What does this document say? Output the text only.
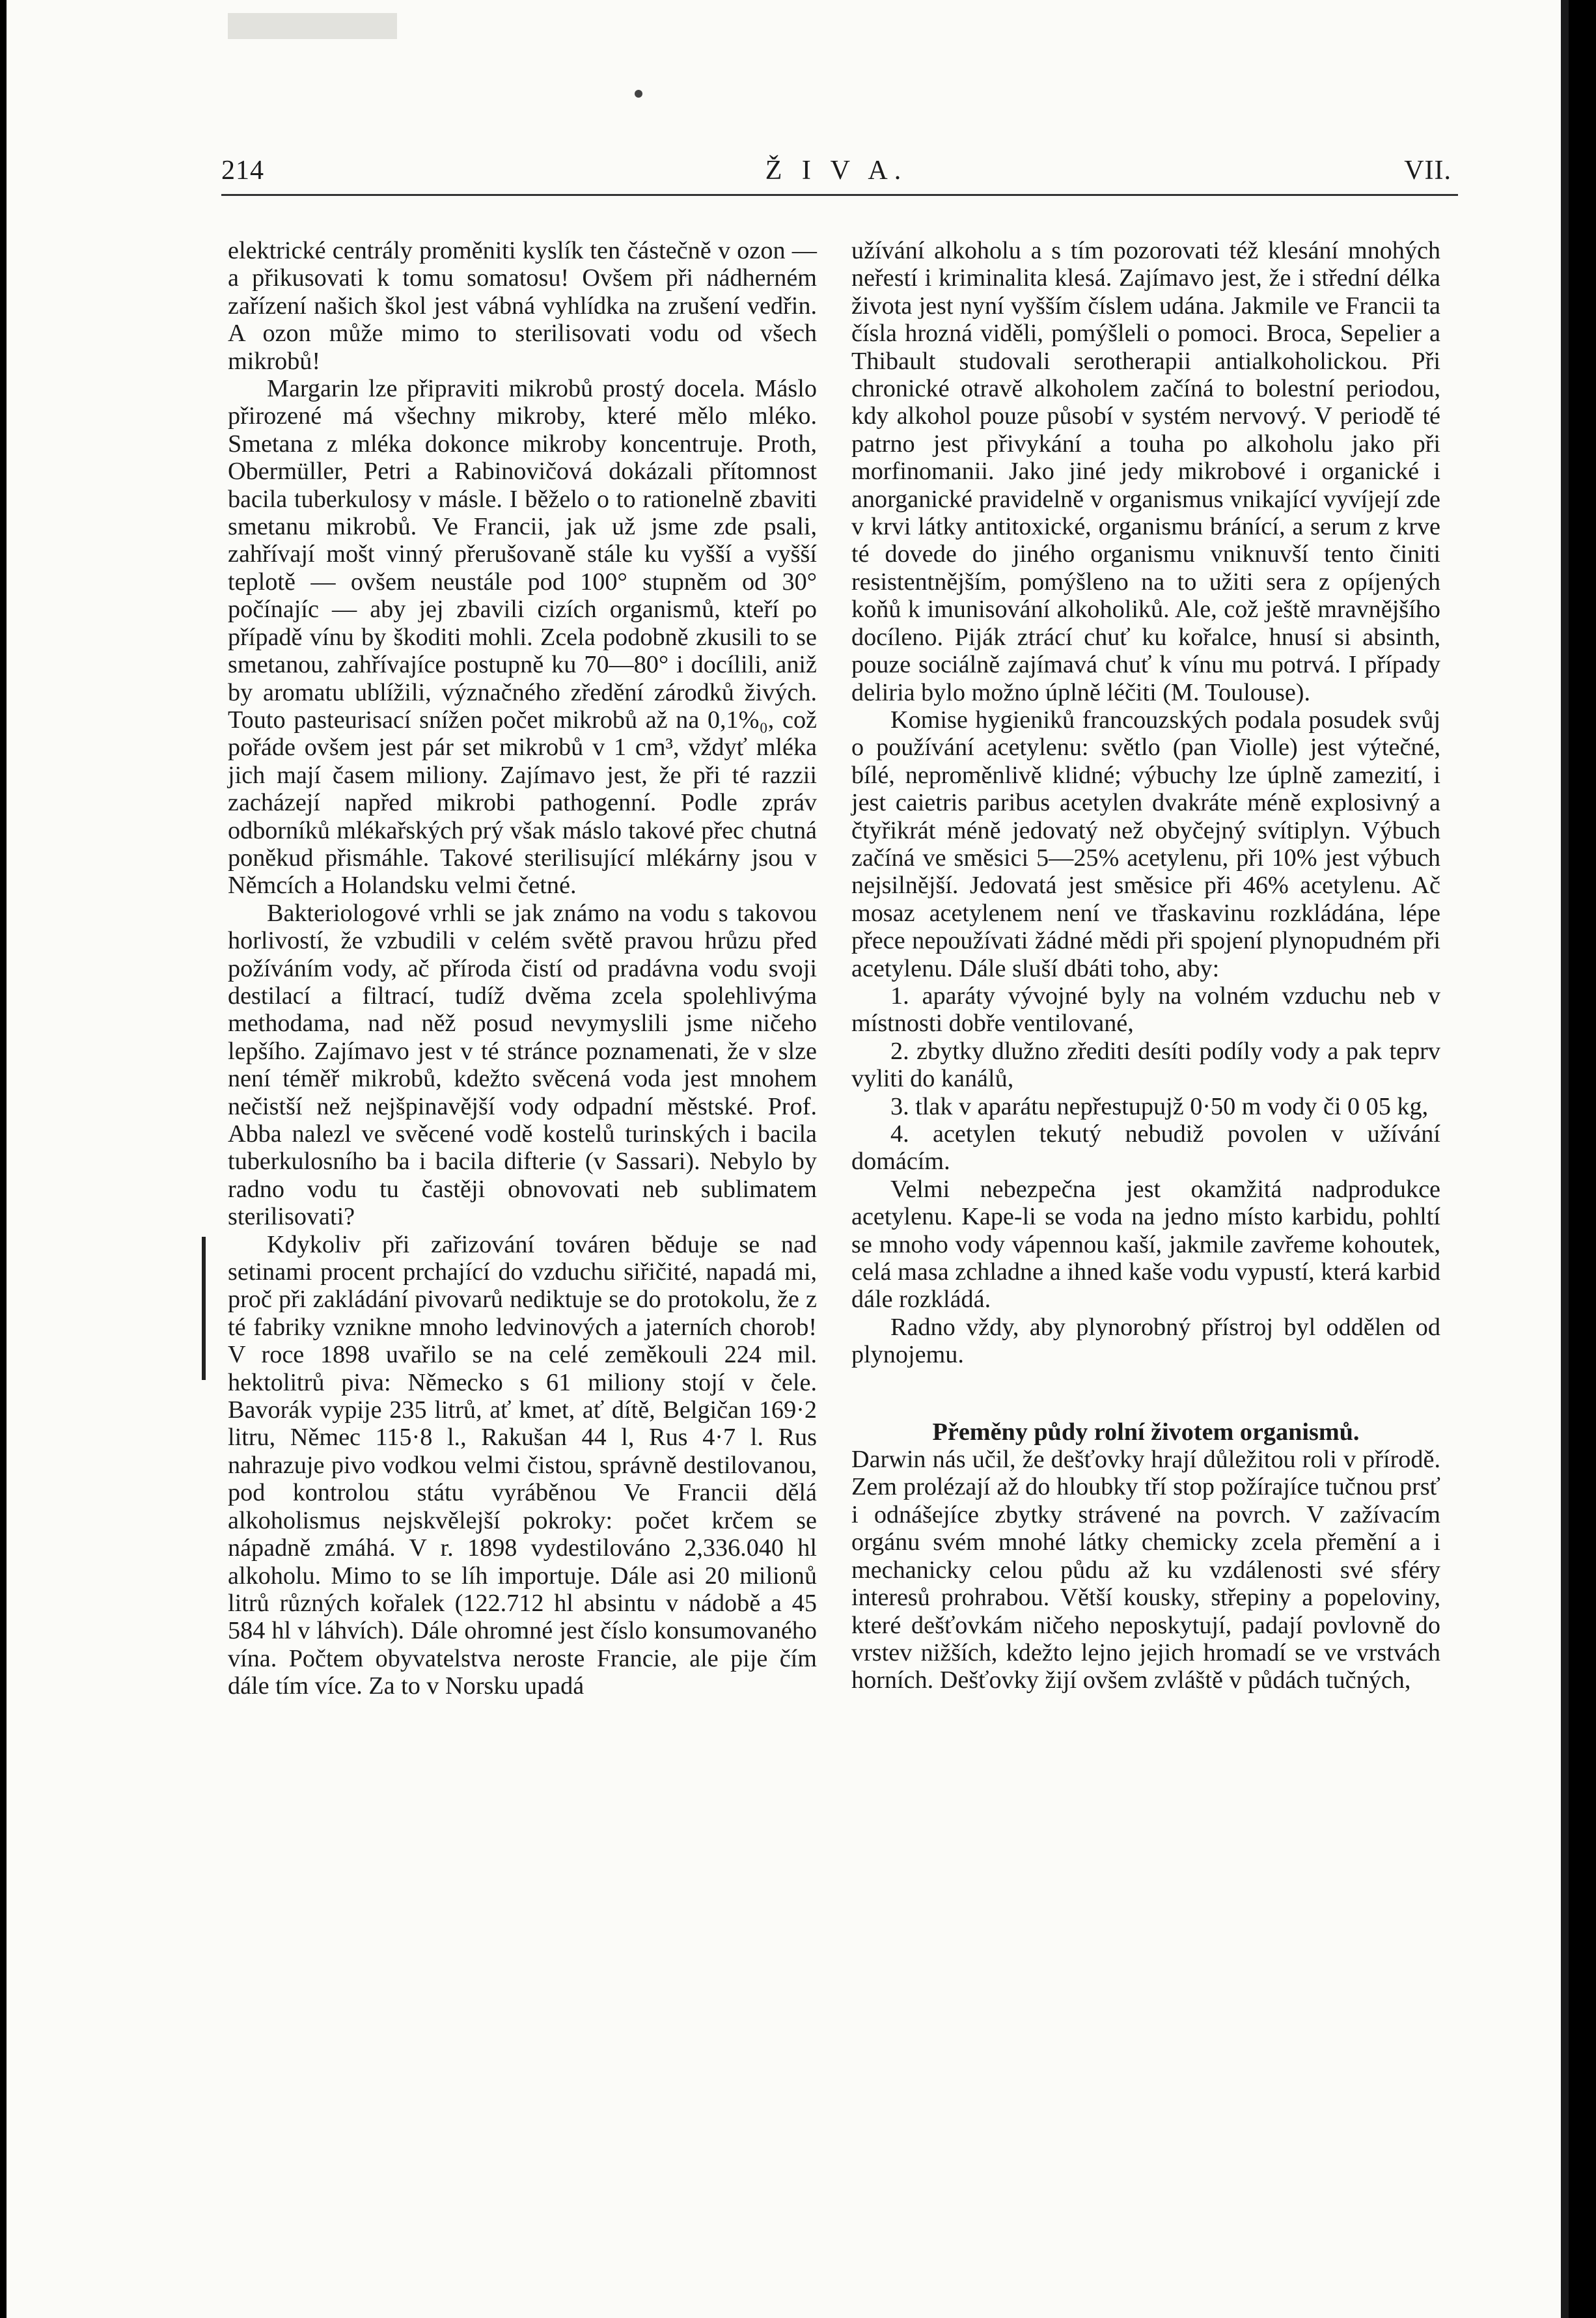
214	Ž I V A.	VII.

elektrické centrály proměniti kyslík ten částečně v ozon — a přikusovati k tomu somatosu! Ovšem při nádherném zařízení našich škol jest vábná vyhlídka na zrušení vedřin. A ozon může mimo to sterilisovati vodu od všech mikrobů!

Margarin lze připraviti mikrobů prostý docela. Máslo přirozené má všechny mikroby, které mělo mléko. Smetana z mléka dokonce mikroby koncentruje. Proth, Obermüller, Petri a Rabinovičová dokázali přítomnost bacila tuberkulosy v másle. I běželo o to rationelně zbaviti smetanu mikrobů. Ve Francii, jak už jsme zde psali, zahřívají mošt vinný přerušovaně stále ku vyšší a vyšší teplotě — ovšem neustále pod 100° stupněm od 30° počínajíc — aby jej zbavili cizích organismů, kteří po případě vínu by škoditi mohli. Zcela podobně zkusili to se smetanou, zahřívajíce postupně ku 70—80° i docílili, aniž by aromatu ublížili, význačného zředění zárodků živých. Touto pasteurisací snížen počet mikrobů až na 0,1%₀, což pořáde ovšem jest pár set mikrobů v 1 cm³, vždyť mléka jich mají časem miliony. Zajímavo jest, že při té razzii zacházejí napřed mikrobi pathogenní. Podle zpráv odborníků mlékařských prý však máslo takové přec chutná poněkud přismáhle. Takové sterilisující mlékárny jsou v Němcích a Holandsku velmi četné.

Bakteriologové vrhli se jak známo na vodu s takovou horlivostí, že vzbudili v celém světě pravou hrůzu před požíváním vody, ač příroda čistí od pradávna vodu svoji destilací a filtrací, tudíž dvěma zcela spolehlivýma methodama, nad něž posud nevymyslili jsme ničeho lepšího. Zajímavo jest v té stránce poznamenati, že v slze není téměř mikrobů, kdežto svěcená voda jest mnohem nečistší než nejšpinavější vody odpadní městské. Prof. Abba nalezl ve svěcené vodě kostelů turinských i bacila tuberkulosního ba i bacila difterie (v Sassari). Nebylo by radno vodu tu častěji obnovovati neb sublimatem sterilisovati?

Kdykoliv při zařizování továren běduje se nad setinami procent prchající do vzduchu siřičité, napadá mi, proč při zakládání pivovarů nediktuje se do protokolu, že z té fabriky vznikne mnoho ledvinových a jaterních chorob! V roce 1898 uvařilo se na celé zeměkouli 224 mil. hektolitrů piva: Německo s 61 miliony stojí v čele. Bavorák vypije 235 litrů, ať kmet, ať dítě, Belgičan 169·2 litru, Němec 115·8 l., Rakušan 44 l, Rus 4·7 l. Rus nahrazuje pivo vodkou velmi čistou, správně destilovanou, pod kontrolou státu vyráběnou Ve Francii dělá alkoholismus nejskvělejší pokroky: počet krčem se nápadně zmáhá. V r. 1898 vydestilováno 2,336.040 hl alkoholu. Mimo to se líh importuje. Dále asi 20 milionů litrů různých kořalek (122.712 hl absintu v nádobě a 45 584 hl v láhvích). Dále ohromné jest číslo konsumovaného vína. Počtem obyvatelstva neroste Francie, ale pije čím dále tím více. Za to v Norsku upadá

užívání alkoholu a s tím pozorovati též klesání mnohých neřestí i kriminalita klesá. Zajímavo jest, že i střední délka života jest nyní vyšším číslem udána. Jakmile ve Francii ta čísla hrozná viděli, pomýšleli o pomoci. Broca, Sepelier a Thibault studovali serotherapii antialkoholickou. Při chronické otravě alkoholem začíná to bolestní periodou, kdy alkohol pouze působí v systém nervový. V periodě té patrno jest přivykání a touha po alkoholu jako při morfinomanii. Jako jiné jedy mikrobové i organické i anorganické pravidelně v organismus vnikající vyvíjejí zde v krvi látky antitoxické, organismu bránící, a serum z krve té dovede do jiného organismu vniknuvší tento činiti resistentnějším, pomýšleno na to užiti sera z opíjených koňů k imunisování alkoholiků. Ale, což ještě mravnějšího docíleno. Piják ztrácí chuť ku kořalce, hnusí si absinth, pouze sociálně zajímavá chuť k vínu mu potrvá. I případy deliria bylo možno úplně léčiti (M. Toulouse).

Komise hygieniků francouzských podala posudek svůj o používání acetylenu: světlo (pan Violle) jest výtečné, bílé, neproměnlivě klidné; výbuchy lze úplně zamezití, i jest caietris paribus acetylen dvakráte méně explosivný a čtyřikrát méně jedovatý než obyčejný svítiplyn. Výbuch začíná ve směsici 5—25% acetylenu, při 10% jest výbuch nejsilnější. Jedovatá jest směsice při 46% acetylenu. Ač mosaz acetylenem není ve třaskavinu rozkládána, lépe přece nepoužívati žádné mědi při spojení plynopudném při acetylenu. Dále sluší dbáti toho, aby:

1. aparáty vývojné byly na volném vzduchu neb v místnosti dobře ventilované,

2. zbytky dlužno zřediti desíti podíly vody a pak teprv vyliti do kanálů,

3. tlak v aparátu nepřestupujž 0·50 m vody či 0 05 kg,

4. acetylen tekutý nebudiž povolen v užívání domácím.

Velmi nebezpečna jest okamžitá nadprodukce acetylenu. Kape-li se voda na jedno místo karbidu, pohltí se mnoho vody vápennou kaší, jakmile zavřeme kohoutek, celá masa zchladne a ihned kaše vodu vypustí, která karbid dále rozkládá.

Radno vždy, aby plynorobný přístroj byl oddělen od plynojemu.

Přeměny půdy rolní životem organismů.

Darwin nás učil, že dešťovky hrají důležitou roli v přírodě. Zem prolézají až do hloubky tří stop požírajíce tučnou prsť i odnášejíce zbytky strávené na povrch. V zažívacím orgánu svém mnohé látky chemicky zcela přemění a i mechanicky celou půdu až ku vzdálenosti své sféry interesů prohrabou. Větší kousky, střepiny a popeloviny, které dešťovkám ničeho neposkytují, padají povlovně do vrstev nižších, kdežto lejno jejich hromadí se ve vrstvách horních. Dešťovky žijí ovšem zvláště v půdách tučných,
